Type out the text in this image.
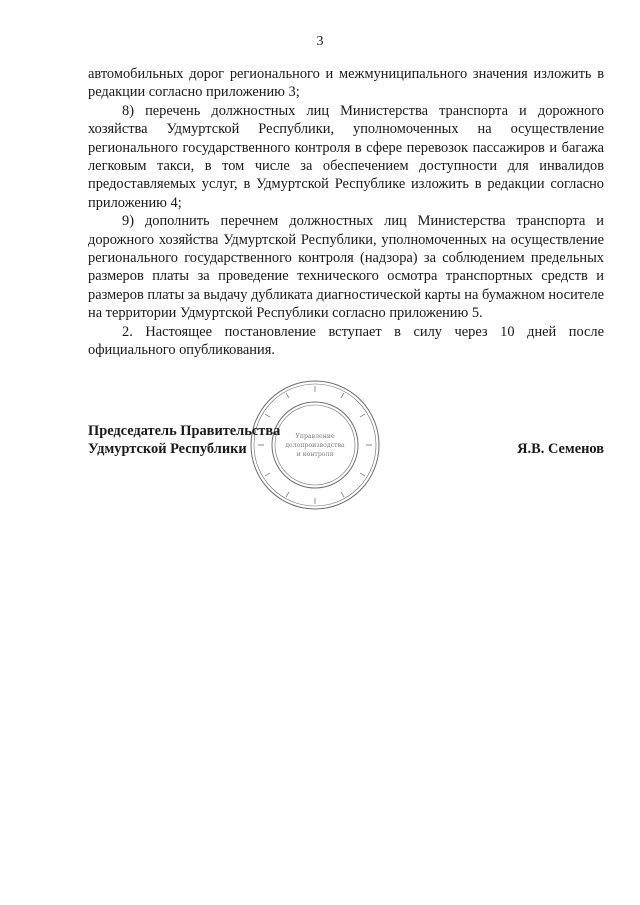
3

автомобильных дорог регионального и межмуниципального значения изложить в редакции согласно приложению 3;

8) перечень должностных лиц Министерства транспорта и дорожного хозяйства Удмуртской Республики, уполномоченных на осуществление регионального государственного контроля в сфере перевозок пассажиров и багажа легковым такси, в том числе за обеспечением доступности для инвалидов предоставляемых услуг, в Удмуртской Республике изложить в редакции согласно приложению 4;

9) дополнить перечнем должностных лиц Министерства транспорта и дорожного хозяйства Удмуртской Республики, уполномоченных на осуществление регионального государственного контроля (надзора) за соблюдением предельных размеров платы за проведение технического осмотра транспортных средств и размеров платы за выдачу дубликата диагностической карты на бумажном носителе на территории Удмуртской Республики согласно приложению 5.

2. Настоящее постановление вступает в силу через 10 дней после официального опубликования.

Управление
делопроизводства
и контроля
Председатель Правительства
Удмуртской Республики	Я.В. Семенов
